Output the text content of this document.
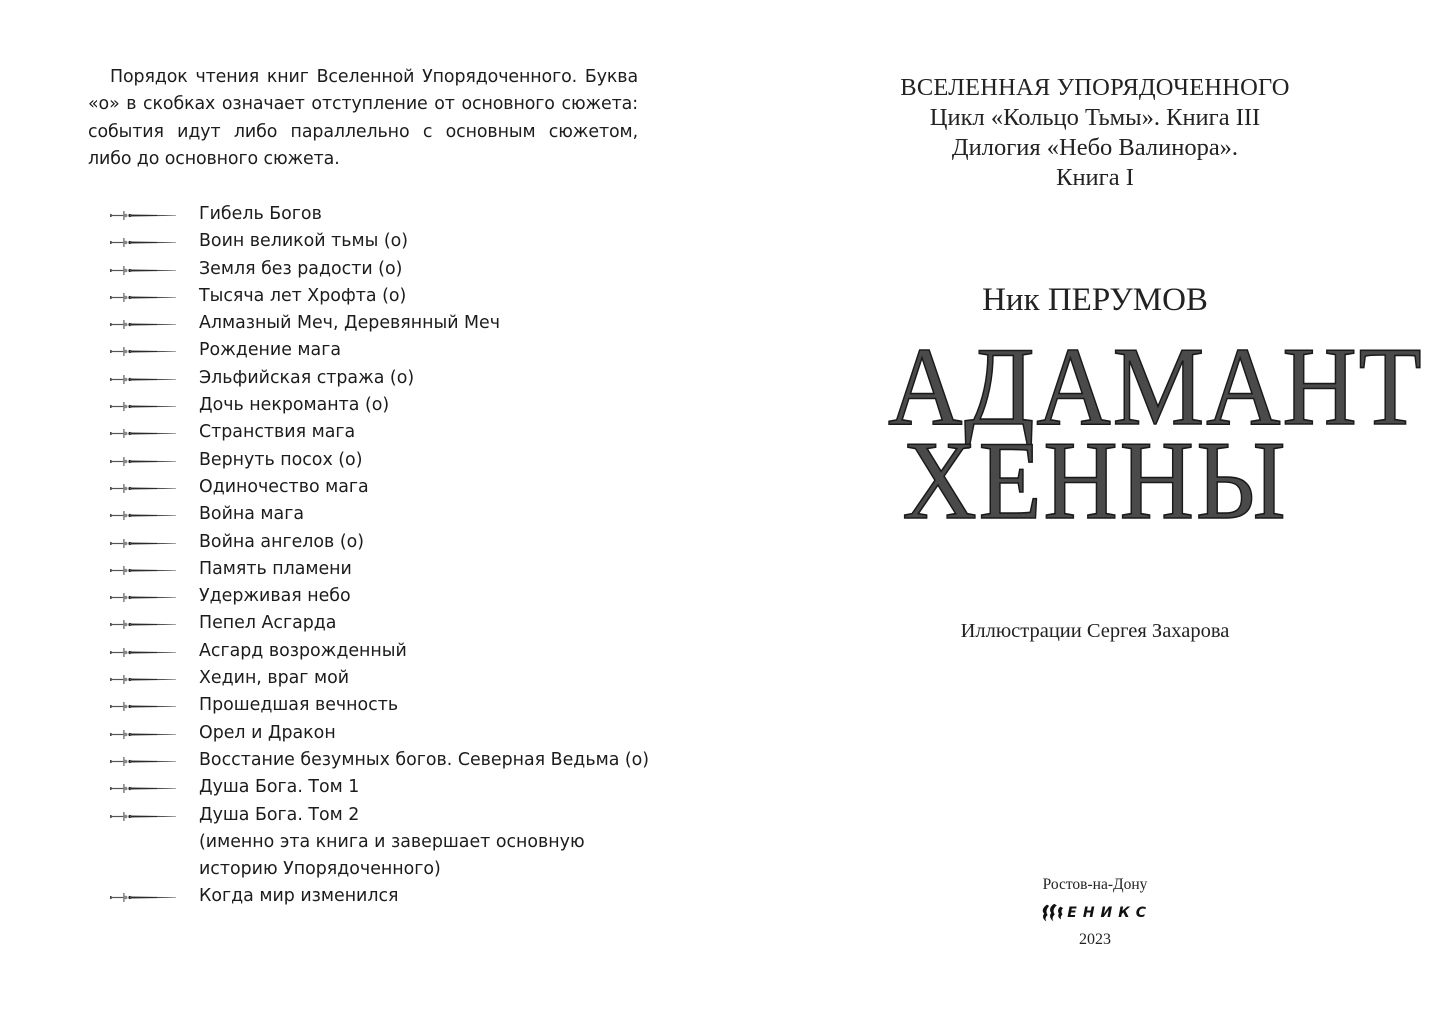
Порядок чтения книг Вселенной Упорядоченного. Буква «о» в скобках означает отступление от основного сюжета: события идут либо параллельно с основным сюжетом, либо до основного сюжета.

Гибель Богов
Воин великой тьмы (о)
Земля без радости (о)
Тысяча лет Хрофта (о)
Алмазный Меч, Деревянный Меч
Рождение мага
Эльфийская стража (о)
Дочь некроманта (о)
Странствия мага
Вернуть посох (о)
Одиночество мага
Война мага
Война ангелов (о)
Память пламени
Удерживая небо
Пепел Асгарда
Асгард возрожденный
Хедин, враг мой
Прошедшая вечность
Орел и Дракон
Восстание безумных богов. Северная Ведьма (о)
Душа Бога. Том 1
Душа Бога. Том 2
(именно эта книга и завершает основную
историю Упорядоченного)
Когда мир изменился
ВСЕЛЕННАЯ УПОРЯДОЧЕННОГО
Цикл «Кольцо Тьмы». Книга III
Дилогия «Небо Валинора».
Книга I
Ник ПЕРУМОВ
АДАМАНТ
ХЕННЫ
Иллюстрации Сергея Захарова
Ростов-на-Дону
ЕНИКС
2023
